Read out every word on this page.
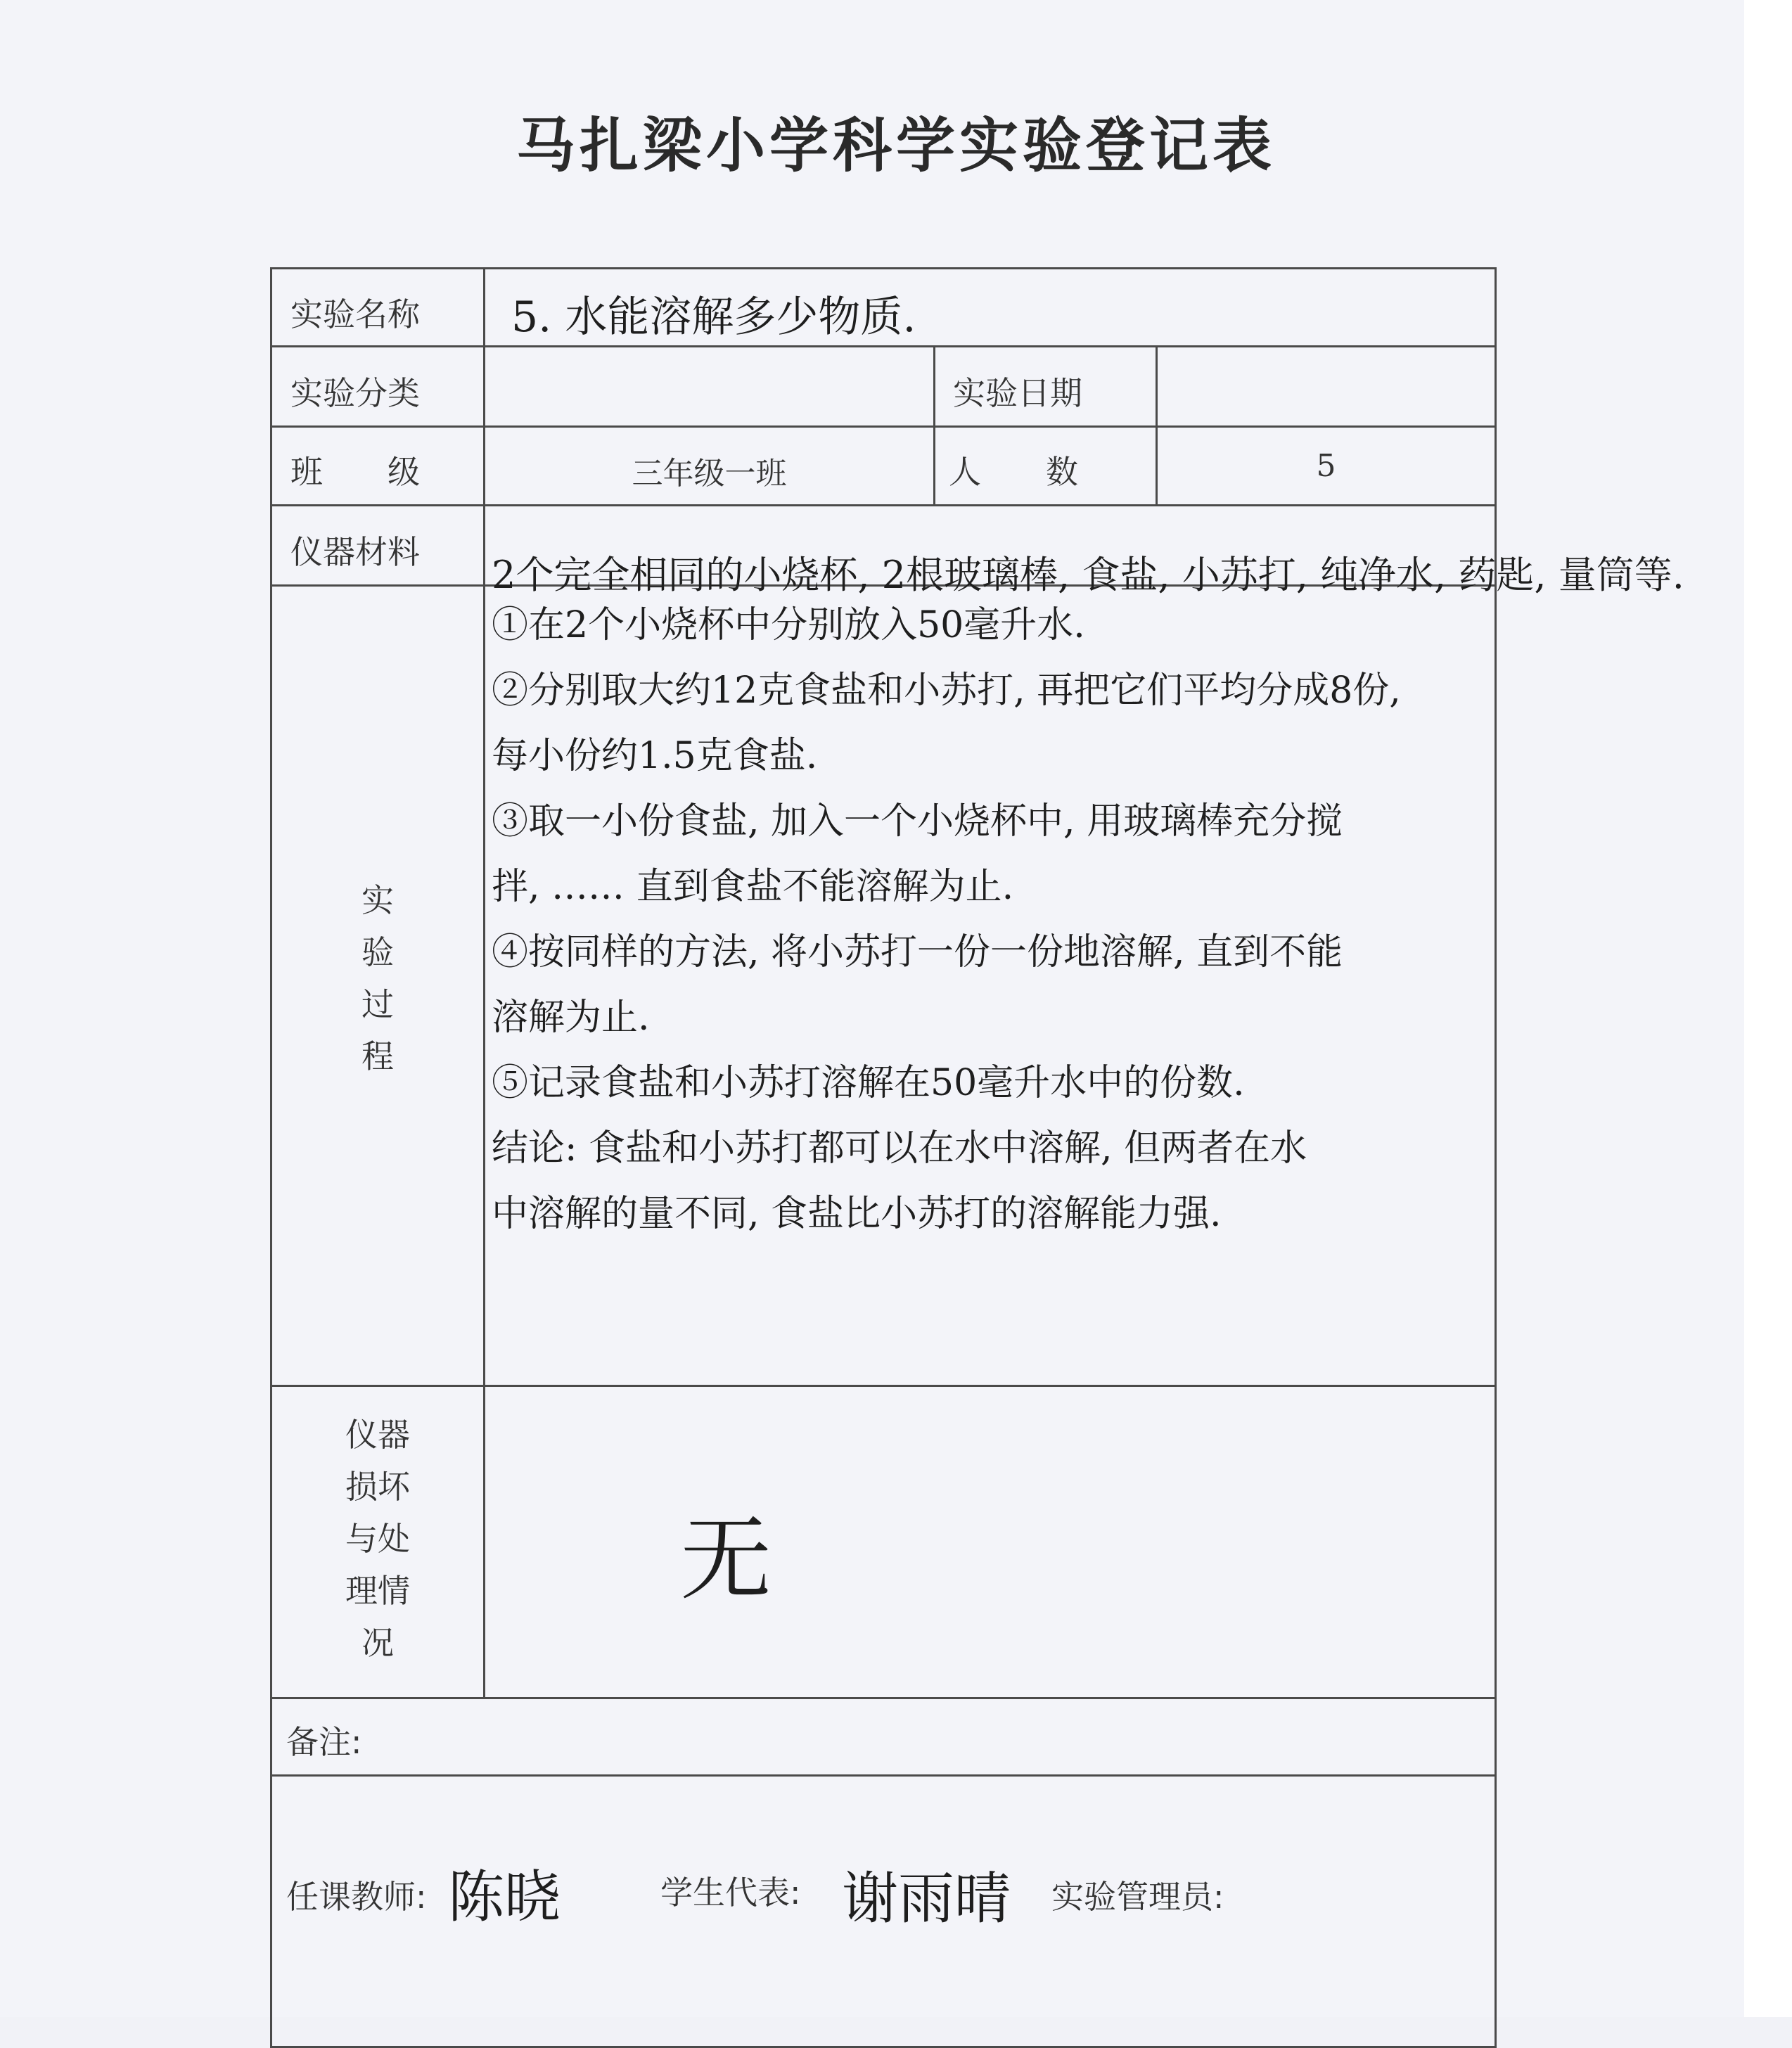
马扎梁小学科学实验登记表
实验名称 5. 水能溶解多少物质.
实验分类	实验日期
班　　级	三年级一班	人　　数	5
仪器材料
2个完全相同的小烧杯, 2根玻璃棒, 食盐, 小苏打, 纯净水, 药匙, 量筒等.
实
验
过
程
①在2个小烧杯中分别放入50毫升水.
②分别取大约12克食盐和小苏打, 再把它们平均分成8份,
每小份约1.5克食盐.
③取一小份食盐, 加入一个小烧杯中, 用玻璃棒充分搅
拌, …… 直到食盐不能溶解为止.
④按同样的方法, 将小苏打一份一份地溶解, 直到不能
溶解为止.
⑤记录食盐和小苏打溶解在50毫升水中的份数.
结论: 食盐和小苏打都可以在水中溶解, 但两者在水
中溶解的量不同, 食盐比小苏打的溶解能力强.
仪器
损坏
与处
理情
况
无
备注:
任课教师: 陈晓	学生代表: 谢雨晴 实验管理员:
